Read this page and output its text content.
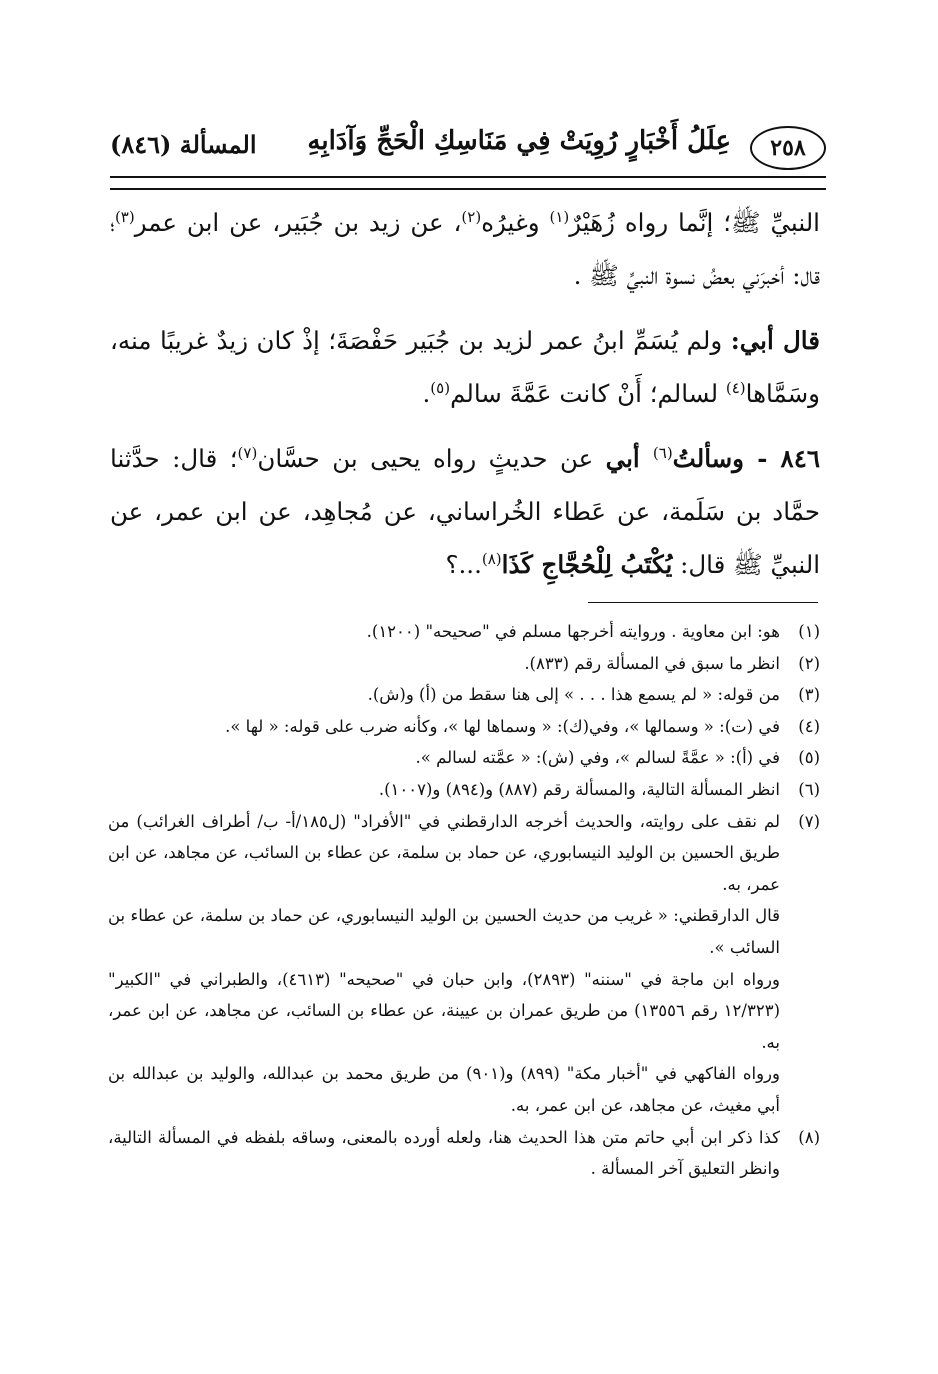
٢٥٨
عِلَلُ أَخْبَارٍ رُوِيَتْ فِي مَنَاسِكِ الْحَجِّ وَآدَابِهِ
المسألة (٨٤٦)

النبيِّ ﷺ؛ إنَّما رواه زُهَيْرٌ$^{(١)}$ وغيرُه$^{(٢)}$، عن زيد بن جُبَير، عن ابن عمر$^{(٣)}$؛ قال: أخبرَني بعضُ نسوة النبيِّ ﷺ .

قال أبي: ولم يُسَمِّ ابنُ عمر لزيد بن جُبَير حَفْصَةَ؛ إذْ كان زيدٌ غريبًا منه، وسَمَّاها$^{(٤)}$ لسالم؛ أَنْ كانت عَمَّةَ سالم$^{(٥)}$.

٨٤٦ - وسألتُ$^{(٦)}$ أبي عن حديثٍ رواه يحيى بن حسَّان$^{(٧)}$؛ قال: حدَّثنا حمَّاد بن سَلَمة، عن عَطاء الخُراساني، عن مُجاهِد، عن ابن عمر، عن النبيِّ ﷺ قال: يُكْتَبُ لِلْحُجَّاجِ كَذَا$^{(٨)}$...؟

(١)
هو: ابن معاوية . وروايته أخرجها مسلم في "صحيحه" (١٢٠٠).
(٢)
انظر ما سبق في المسألة رقم (٨٣٣).
(٣)
من قوله: « لم يسمع هذا . . . » إلى هنا سقط من (أ) و(ش).
(٤)
في (ت): « وسمالها »، وفي(ك): « وسماها لها »، وكأنه ضرب على قوله: « لها ».
(٥)
في (أ): « عمَّةً لسالم »، وفي (ش): « عمَّته لسالم ».
(٦)
انظر المسألة التالية، والمسألة رقم (٨٨٧) و(٨٩٤) و(١٠٠٧).
(٧)
لم نقف على روايته، والحديث أخرجه الدارقطني في "الأفراد" (ل١٨٥/أ- ب/ أطراف الغرائب) من طريق الحسين بن الوليد النيسابوري، عن حماد بن سلمة، عن عطاء بن السائب، عن مجاهد، عن ابن عمر، به.
قال الدارقطني: « غريب من حديث الحسين بن الوليد النيسابوري، عن حماد بن سلمة، عن عطاء بن السائب ».
ورواه ابن ماجة في "سننه" (٢٨٩٣)، وابن حبان في "صحيحه" (٤٦١٣)، والطبراني في "الكبير" (١٢/٣٢٣ رقم ١٣٥٥٦) من طريق عمران بن عيينة، عن عطاء بن السائب، عن مجاهد، عن ابن عمر، به.
ورواه الفاكهي في "أخبار مكة" (٨٩٩) و(٩٠١) من طريق محمد بن عبدالله، والوليد بن عبدالله بن أبي مغيث، عن مجاهد، عن ابن عمر، به.
(٨)
كذا ذكر ابن أبي حاتم متن هذا الحديث هنا، ولعله أورده بالمعنى، وساقه بلفظه في المسألة التالية، وانظر التعليق آخر المسألة .
